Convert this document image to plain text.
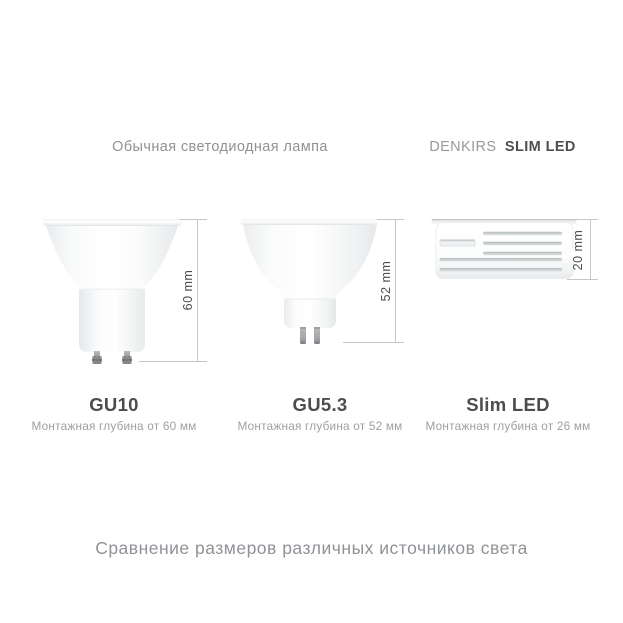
Обычная светодиодная лампа	DENKIRS SLIM LED
60 mm	52 mm
20 mm
GU10
Монтажная глубина от 60 мм
GU5.3
Монтажная глубина от 52 мм
Slim LED
Монтажная глубина от 26 мм
Сравнение размеров различных источников света
